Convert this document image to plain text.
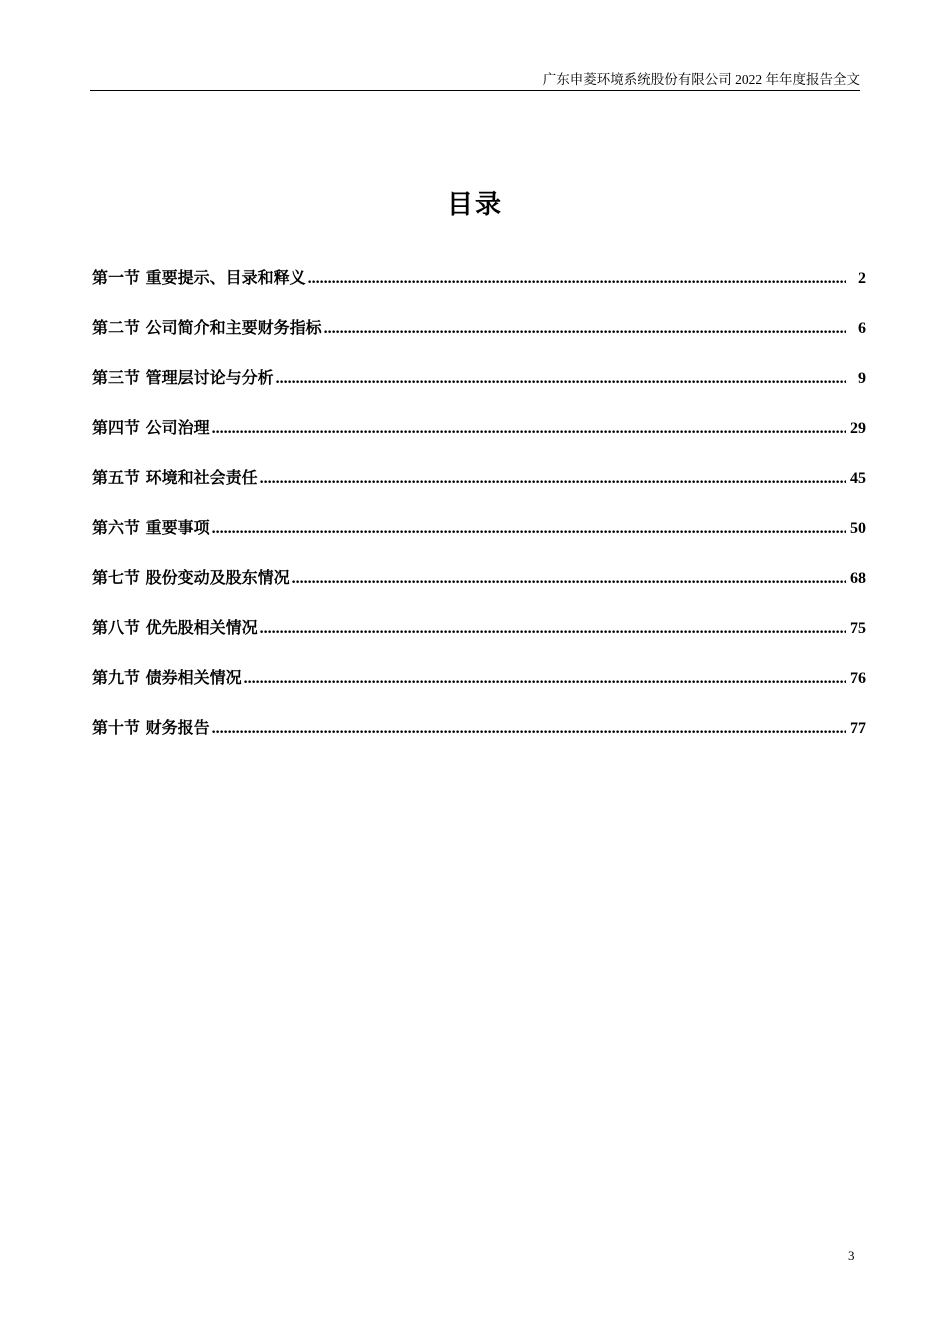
广东申菱环境系统股份有限公司 2022 年年度报告全文
目录
第一节 重要提示、目录和释义 .....	2
第二节 公司简介和主要财务指标 .....	6
第三节 管理层讨论与分析 .....	9
第四节 公司治理 .....	29
第五节 环境和社会责任 .....	45
第六节 重要事项 .....	50
第七节 股份变动及股东情况 .....	68
第八节 优先股相关情况 .....	75
第九节 债券相关情况 .....	76
第十节 财务报告 .....	77
3
